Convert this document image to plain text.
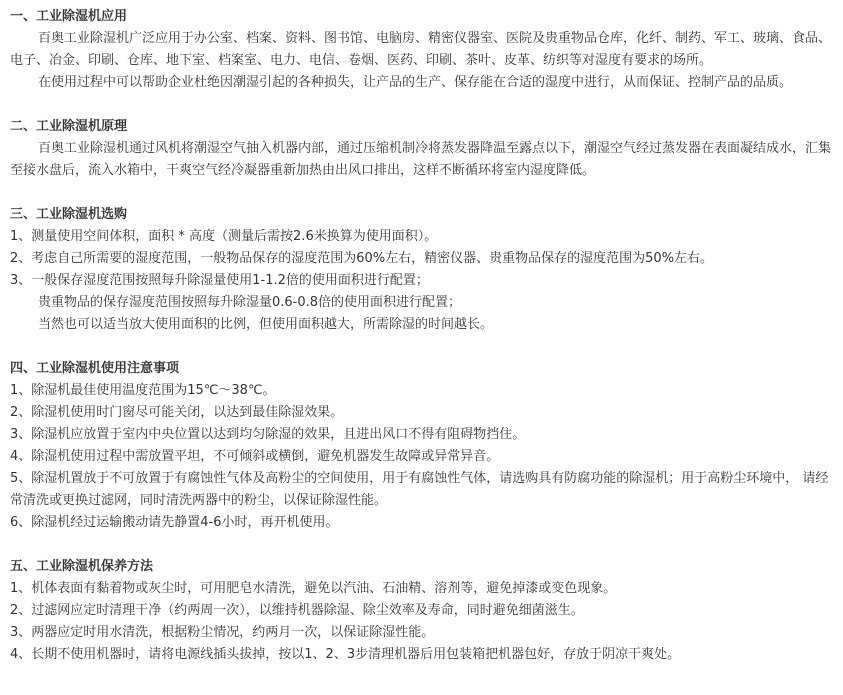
一、工业除湿机应用

百奥工业除湿机广泛应用于办公室、档案、资料、图书馆、电脑房、精密仪器室、医院及贵重物品仓库，化纤、制药、军工、玻璃、食品、电子、冶金、印刷、仓库、地下室、档案室、电力、电信、卷烟、医药、印刷、茶叶、皮革、纺织等对湿度有要求的场所。

在使用过程中可以帮助企业杜绝因潮湿引起的各种损失，让产品的生产、保存能在合适的湿度中进行，从而保证、控制产品的品质。

二、工业除湿机原理

百奥工业除湿机通过风机将潮湿空气抽入机器内部，通过压缩机制冷将蒸发器降温至露点以下，潮湿空气经过蒸发器在表面凝结成水，汇集至接水盘后，流入水箱中，干爽空气经冷凝器重新加热由出风口排出，这样不断循环将室内湿度降低。

三、工业除湿机选购

1、测量使用空间体积，面积 * 高度（测量后需按2.6米换算为使用面积）。

2、考虑自己所需要的湿度范围，一般物品保存的湿度范围为60%左右，精密仪器、贵重物品保存的湿度范围为50%左右。

3、一般保存湿度范围按照每升除湿量使用1-1.2倍的使用面积进行配置；

贵重物品的保存湿度范围按照每升除湿量0.6-0.8倍的使用面积进行配置；
当然也可以适当放大使用面积的比例，但使用面积越大，所需除湿的时间越长。
四、工业除湿机使用注意事项

1、除湿机最佳使用温度范围为15℃～38℃。

2、除湿机使用时门窗尽可能关闭，以达到最佳除湿效果。

3、除湿机应放置于室内中央位置以达到均匀除湿的效果，且进出风口不得有阻碍物挡住。

4、除湿机使用过程中需放置平坦，不可倾斜或横倒，避免机器发生故障或异常异音。

5、除湿机置放于不可放置于有腐蚀性气体及高粉尘的空间使用，用于有腐蚀性气体，请选购具有防腐功能的除湿机；用于高粉尘环境中， 请经常清洗或更换过滤网，同时清洗两器中的粉尘，以保证除湿性能。

6、除湿机经过运输搬动请先静置4-6小时，再开机使用。

五、工业除湿机保养方法

1、机体表面有黏着物或灰尘时，可用肥皂水清洗，避免以汽油、石油精、溶剂等，避免掉漆或变色现象。

2、过滤网应定时清理干净（约两周一次），以维持机器除湿、除尘效率及寿命，同时避免细菌滋生。

3、两器应定时用水清洗，根据粉尘情况，约两月一次，以保证除湿性能。

4、长期不使用机器时，请将电源线插头拔掉，按以1、2、3步清理机器后用包装箱把机器包好，存放于阴凉干爽处。
